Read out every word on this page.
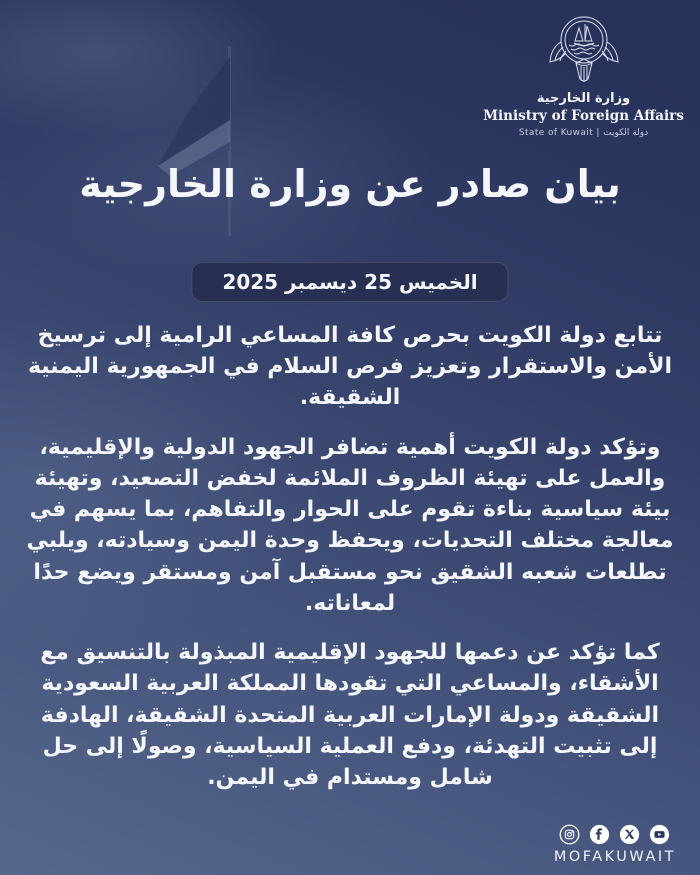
وزارة الخارجية
Ministry of Foreign Affairs
State of Kuwait | دولة الكويت
بيان صادر عن وزارة الخارجية
الخميس 25 ديسمبر 2025

تتابع دولة الكويت بحرص كافة المساعي الرامية إلى ترسيخ الأمن والاستقرار وتعزيز فرص السلام في الجمهورية اليمنية الشقيقة.

وتؤكد دولة الكويت أهمية تضافر الجهود الدولية والإقليمية، والعمل على تهيئة الظروف الملائمة لخفض التصعيد، وتهيئة بيئة سياسية بناءة تقوم على الحوار والتفاهم، بما يسهم في معالجة مختلف التحديات، ويحفظ وحدة اليمن وسيادته، ويلبي تطلعات شعبه الشقيق نحو مستقبل آمن ومستقر ويضع حدًا لمعاناته.

كما تؤكد عن دعمها للجهود الإقليمية المبذولة بالتنسيق مع الأشقاء، والمساعي التي تقودها المملكة العربية السعودية الشقيقة ودولة الإمارات العربية المتحدة الشقيقة، الهادفة إلى تثبيت التهدئة، ودفع العملية السياسية، وصولًا إلى حل شامل ومستدام في اليمن.

MOFAKUWAIT
